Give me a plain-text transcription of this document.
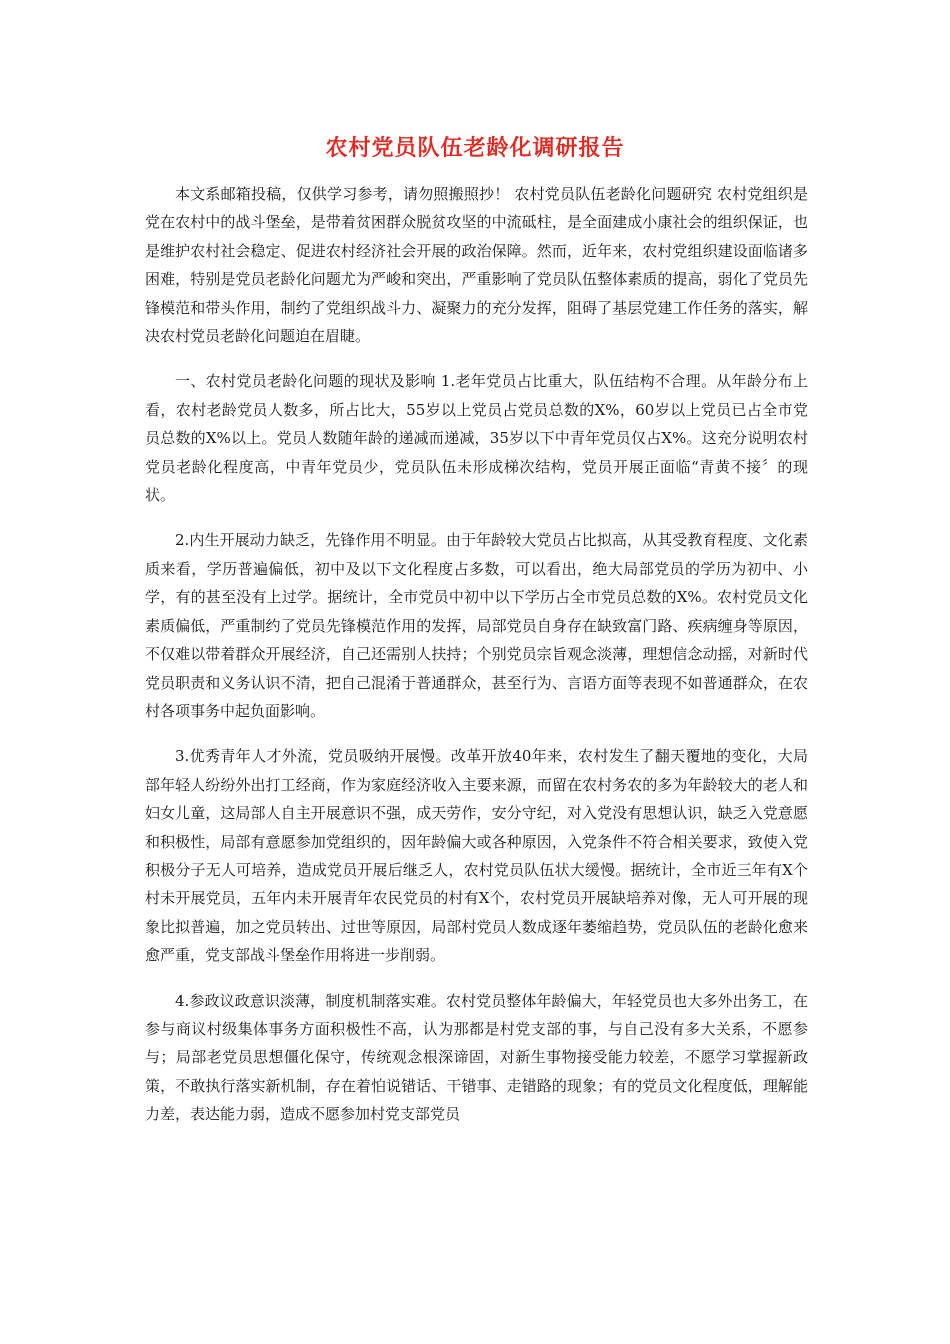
农村党员队伍老龄化调研报告

本文系邮箱投稿，仅供学习参考，请勿照搬照抄！ 农村党员队伍老龄化问题研究 农村党组织是党在农村中的战斗堡垒，是带着贫困群众脱贫攻坚的中流砥柱，是全面建成小康社会的组织保证，也是维护农村社会稳定、促进农村经济社会开展的政治保障。然而，近年来，农村党组织建设面临诸多困难，特别是党员老龄化问题尤为严峻和突出，严重影响了党员队伍整体素质的提高，弱化了党员先锋模范和带头作用，制约了党组织战斗力、凝聚力的充分发挥，阻碍了基层党建工作任务的落实，解决农村党员老龄化问题迫在眉睫。

一、农村党员老龄化问题的现状及影响 1.老年党员占比重大，队伍结构不合理。从年龄分布上看，农村老龄党员人数多，所占比大，55岁以上党员占党员总数的X%，60岁以上党员已占全市党员总数的X%以上。党员人数随年龄的递减而递减，35岁以下中青年党员仅占X%。这充分说明农村党员老龄化程度高，中青年党员少，党员队伍未形成梯次结构，党员开展正面临“青黄不接〞的现状。

2.内生开展动力缺乏，先锋作用不明显。由于年龄较大党员占比拟高，从其受教育程度、文化素质来看，学历普遍偏低，初中及以下文化程度占多数，可以看出，绝大局部党员的学历为初中、小学，有的甚至没有上过学。据统计，全市党员中初中以下学历占全市党员总数的X%。农村党员文化素质偏低，严重制约了党员先锋模范作用的发挥，局部党员自身存在缺致富门路、疾病缠身等原因，不仅难以带着群众开展经济，自己还需别人扶持；个别党员宗旨观念淡薄，理想信念动摇，对新时代党员职责和义务认识不清，把自己混淆于普通群众，甚至行为、言语方面等表现不如普通群众，在农村各项事务中起负面影响。

3.优秀青年人才外流，党员吸纳开展慢。改革开放40年来，农村发生了翻天覆地的变化，大局部年轻人纷纷外出打工经商，作为家庭经济收入主要来源，而留在农村务农的多为年龄较大的老人和妇女儿童，这局部人自主开展意识不强，成天劳作，安分守纪，对入党没有思想认识，缺乏入党意愿和积极性，局部有意愿参加党组织的，因年龄偏大或各种原因，入党条件不符合相关要求，致使入党积极分子无人可培养，造成党员开展后继乏人，农村党员队伍状大缓慢。据统计，全市近三年有X个村未开展党员，五年内未开展青年农民党员的村有X个，农村党员开展缺培养对像，无人可开展的现象比拟普遍，加之党员转出、过世等原因，局部村党员人数成逐年萎缩趋势，党员队伍的老龄化愈来愈严重，党支部战斗堡垒作用将进一步削弱。

4.参政议政意识淡薄，制度机制落实难。农村党员整体年龄偏大，年轻党员也大多外出务工，在参与商议村级集体事务方面积极性不高，认为那都是村党支部的事，与自己没有多大关系，不愿参与；局部老党员思想僵化保守，传统观念根深谛固，对新生事物接受能力较差，不愿学习掌握新政策，不敢执行落实新机制，存在着怕说错话、干错事、走错路的现象；有的党员文化程度低，理解能力差，表达能力弱，造成不愿参加村党支部党员
